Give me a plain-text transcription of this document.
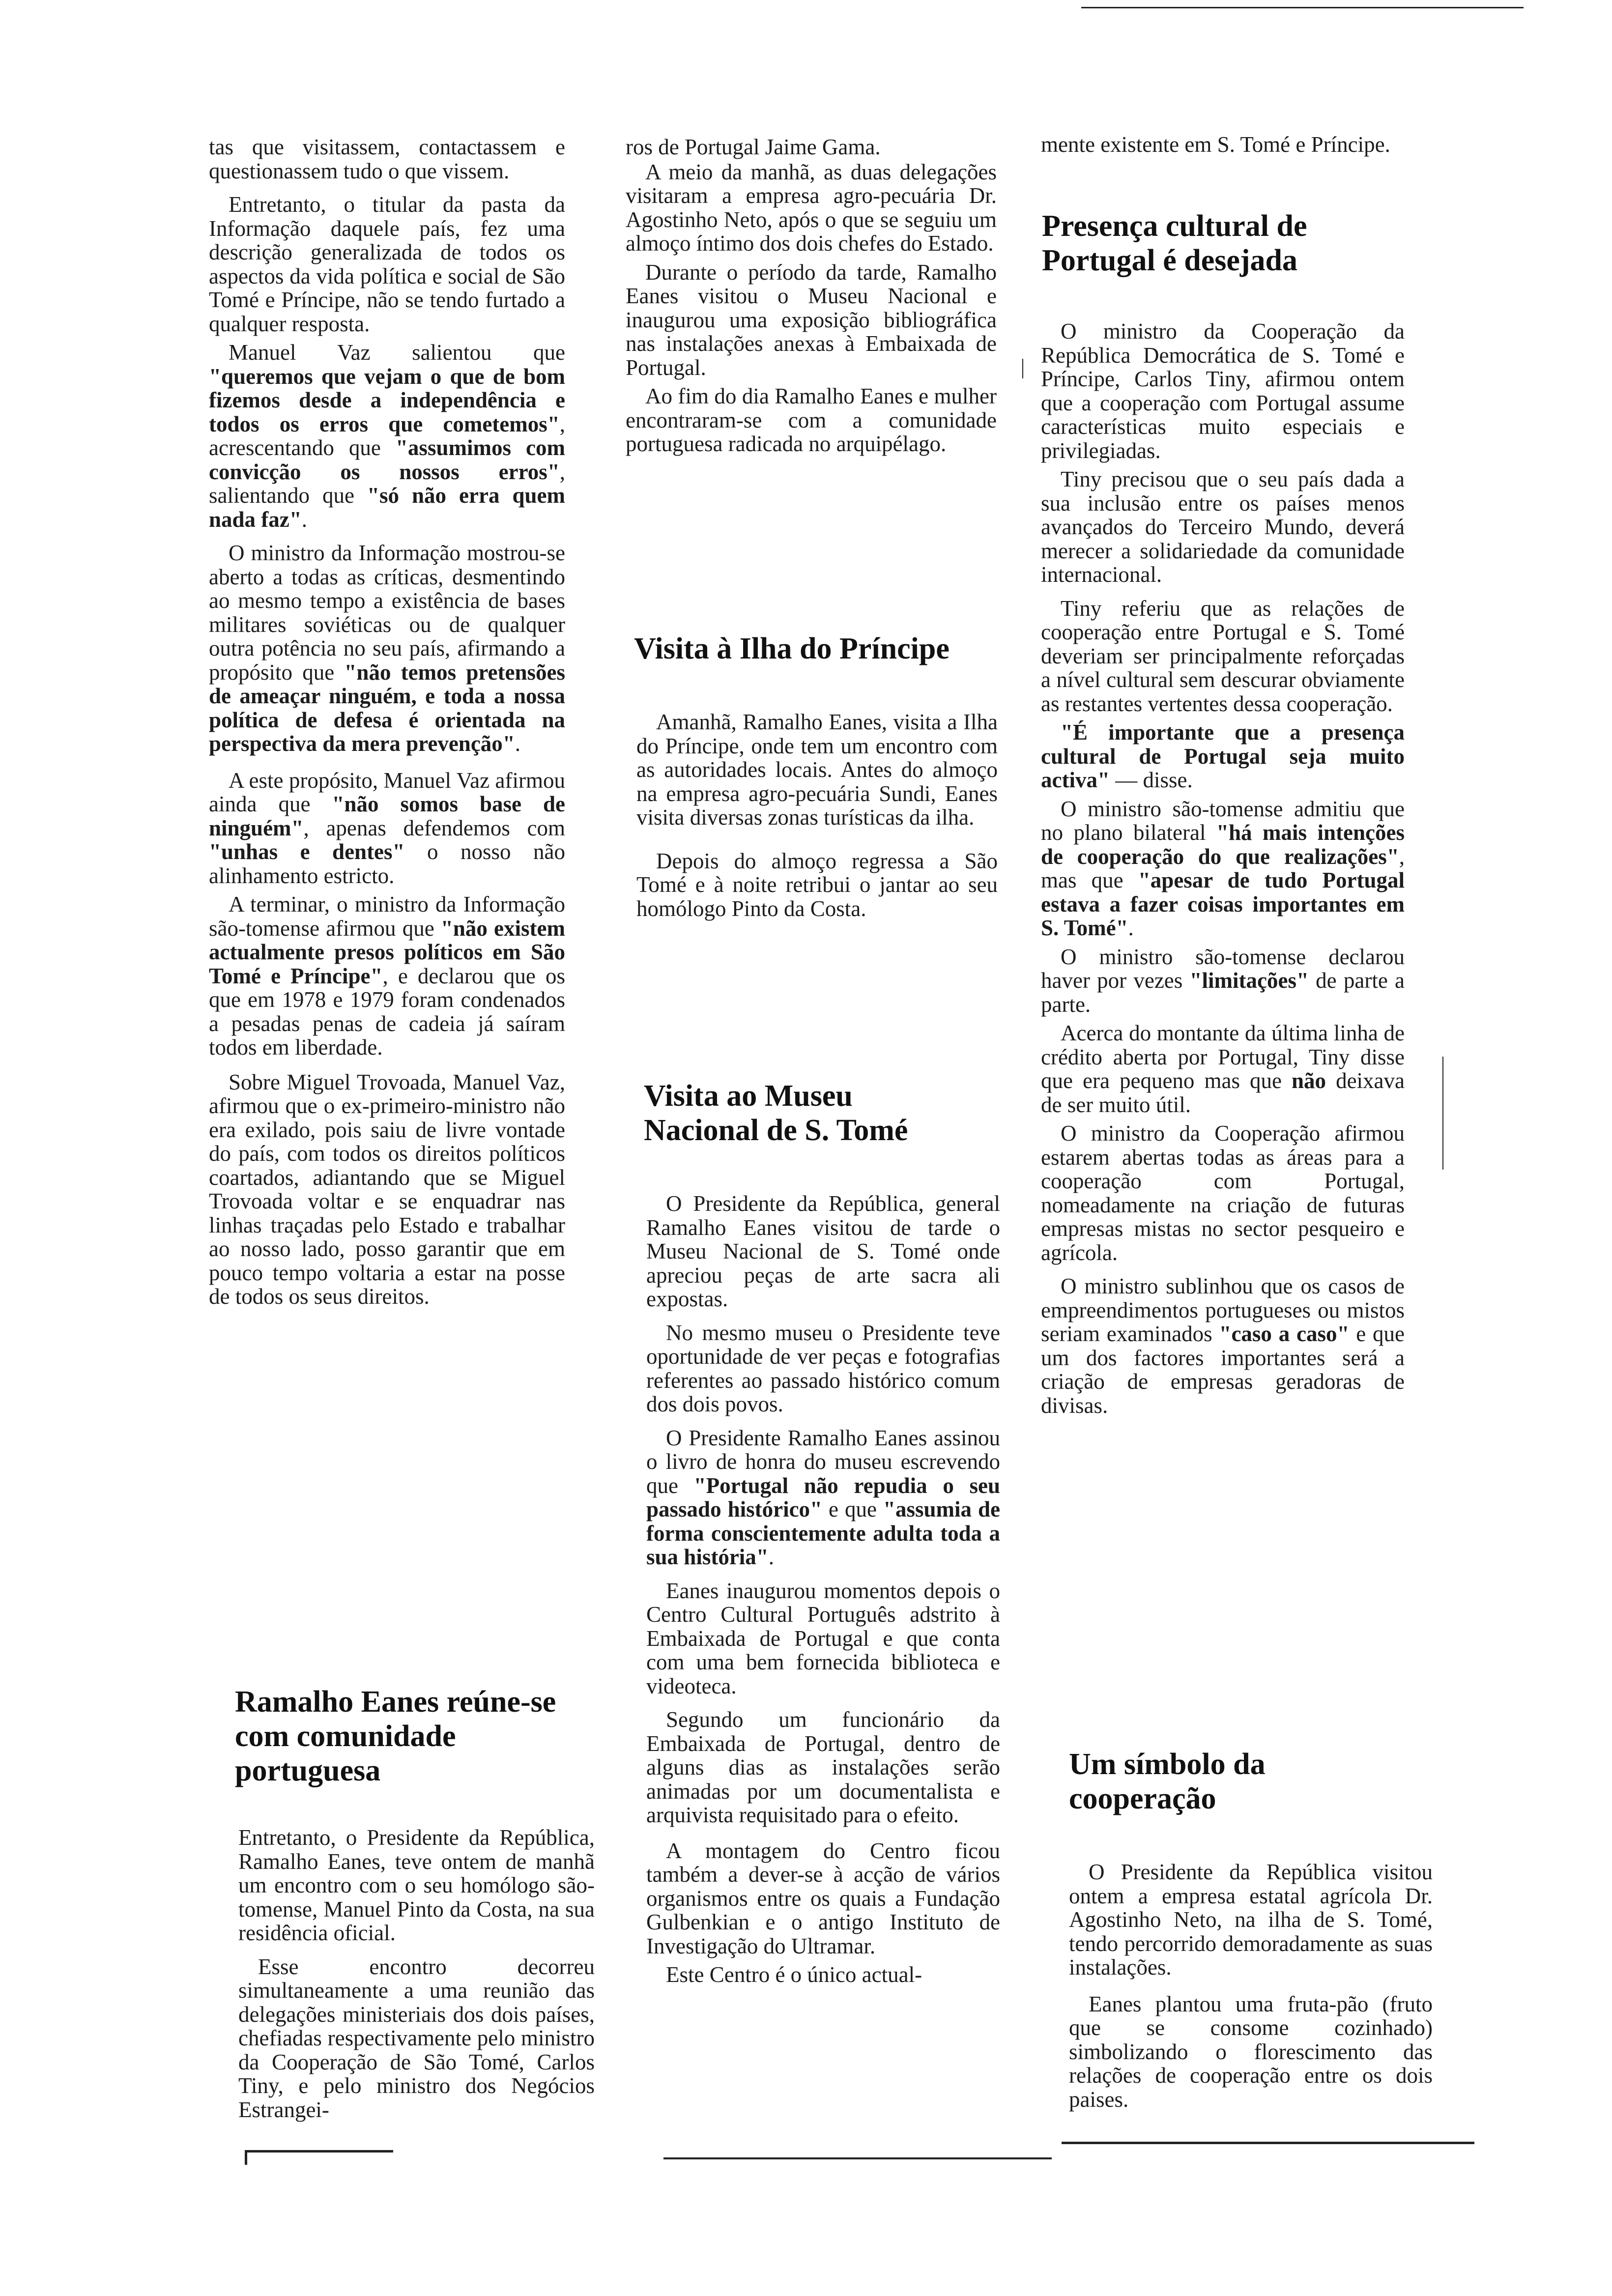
tas que visitassem, contactassem e questionassem tudo o que vissem.

Entretanto, o titular da pasta da Informação daquele país, fez uma descrição generalizada de todos os aspectos da vida política e social de São Tomé e Príncipe, não se tendo furtado a qualquer resposta.

Manuel Vaz salientou que "queremos que vejam o que de bom fizemos desde a independência e todos os erros que cometemos", acrescentando que "assumimos com convicção os nossos erros", salientando que "só não erra quem nada faz".

O ministro da Informação mostrou-se aberto a todas as críticas, desmentindo ao mesmo tempo a existência de bases militares soviéticas ou de qualquer outra potência no seu país, afirmando a propósito que "não temos pretensões de ameaçar ninguém, e toda a nossa política de defesa é orientada na perspectiva da mera prevenção".

A este propósito, Manuel Vaz afirmou ainda que "não somos base de ninguém", apenas defendemos com "unhas e dentes" o nosso não alinhamento estricto.

A terminar, o ministro da Informação são-tomense afirmou que "não existem actualmente presos políticos em São Tomé e Príncipe", e declarou que os que em 1978 e 1979 foram condenados a pesadas penas de cadeia já saíram todos em liberdade.

Sobre Miguel Trovoada, Manuel Vaz, afirmou que o ex-primeiro-ministro não era exilado, pois saiu de livre vontade do país, com todos os direitos políticos coartados, adiantando que se Miguel Trovoada voltar e se enquadrar nas linhas traçadas pelo Estado e trabalhar ao nosso lado, posso garantir que em pouco tempo voltaria a estar na posse de todos os seus direitos.

Ramalho Eanes reúne-se com comunidade portuguesa

Entretanto, o Presidente da República, Ramalho Eanes, teve ontem de manhã um encontro com o seu homólogo são-tomense, Manuel Pinto da Costa, na sua residência oficial.

Esse encontro decorreu simultaneamente a uma reunião das delegações ministeriais dos dois países, chefiadas respectivamente pelo ministro da Cooperação de São Tomé, Carlos Tiny, e pelo ministro dos Negócios Estrangei-

ros de Portugal Jaime Gama.

A meio da manhã, as duas delegações visitaram a empresa agro-pecuária Dr. Agostinho Neto, após o que se seguiu um almoço íntimo dos dois chefes do Estado.

Durante o período da tarde, Ramalho Eanes visitou o Museu Nacional e inaugurou uma exposição bibliográfica nas instalações anexas à Embaixada de Portugal.

Ao fim do dia Ramalho Eanes e mulher encontraram-se com a comunidade portuguesa radicada no arquipélago.

Visita à Ilha do Príncipe

Amanhã, Ramalho Eanes, visita a Ilha do Príncipe, onde tem um encontro com as autoridades locais. Antes do almoço na empresa agro-pecuária Sundi, Eanes visita diversas zonas turísticas da ilha.

Depois do almoço regressa a São Tomé e à noite retribui o jantar ao seu homólogo Pinto da Costa.

Visita ao Museu Nacional de S. Tomé

O Presidente da República, general Ramalho Eanes visitou de tarde o Museu Nacional de S. Tomé onde apreciou peças de arte sacra ali expostas.

No mesmo museu o Presidente teve oportunidade de ver peças e fotografias referentes ao passado histórico comum dos dois povos.

O Presidente Ramalho Eanes assinou o livro de honra do museu escrevendo que "Portugal não repudia o seu passado histórico" e que "assumia de forma conscientemente adulta toda a sua história".

Eanes inaugurou momentos depois o Centro Cultural Português adstrito à Embaixada de Portugal e que conta com uma bem fornecida biblioteca e videoteca.

Segundo um funcionário da Embaixada de Portugal, dentro de alguns dias as instalações serão animadas por um documentalista e arquivista requisitado para o efeito.

A montagem do Centro ficou também a dever-se à acção de vários organismos entre os quais a Fundação Gulbenkian e o antigo Instituto de Investigação do Ultramar.

Este Centro é o único actual-

mente existente em S. Tomé e Príncipe.

Presença cultural de Portugal é desejada

O ministro da Cooperação da República Democrática de S. Tomé e Príncipe, Carlos Tiny, afirmou ontem que a cooperação com Portugal assume características muito especiais e privilegiadas.

Tiny precisou que o seu país dada a sua inclusão entre os países menos avançados do Terceiro Mundo, deverá merecer a solidariedade da comunidade internacional.

Tiny referiu que as relações de cooperação entre Portugal e S. Tomé deveriam ser principalmente reforçadas a nível cultural sem descurar obviamente as restantes vertentes dessa cooperação.

"É importante que a presença cultural de Portugal seja muito activa" — disse.

O ministro são-tomense admitiu que no plano bilateral "há mais intenções de cooperação do que realizações", mas que "apesar de tudo Portugal estava a fazer coisas importantes em S. Tomé".

O ministro são-tomense declarou haver por vezes "limitações" de parte a parte.

Acerca do montante da última linha de crédito aberta por Portugal, Tiny disse que era pequeno mas que não deixava de ser muito útil.

O ministro da Cooperação afirmou estarem abertas todas as áreas para a cooperação com Portugal, nomeadamente na criação de futuras empresas mistas no sector pesqueiro e agrícola.

O ministro sublinhou que os casos de empreendimentos portugueses ou mistos seriam examinados "caso a caso" e que um dos factores importantes será a criação de empresas geradoras de divisas.

Um símbolo da cooperação

O Presidente da República visitou ontem a empresa estatal agrícola Dr. Agostinho Neto, na ilha de S. Tomé, tendo percorrido demoradamente as suas instalações.

Eanes plantou uma fruta-pão (fruto que se consome cozinhado) simbolizando o florescimento das relações de cooperação entre os dois paises.
